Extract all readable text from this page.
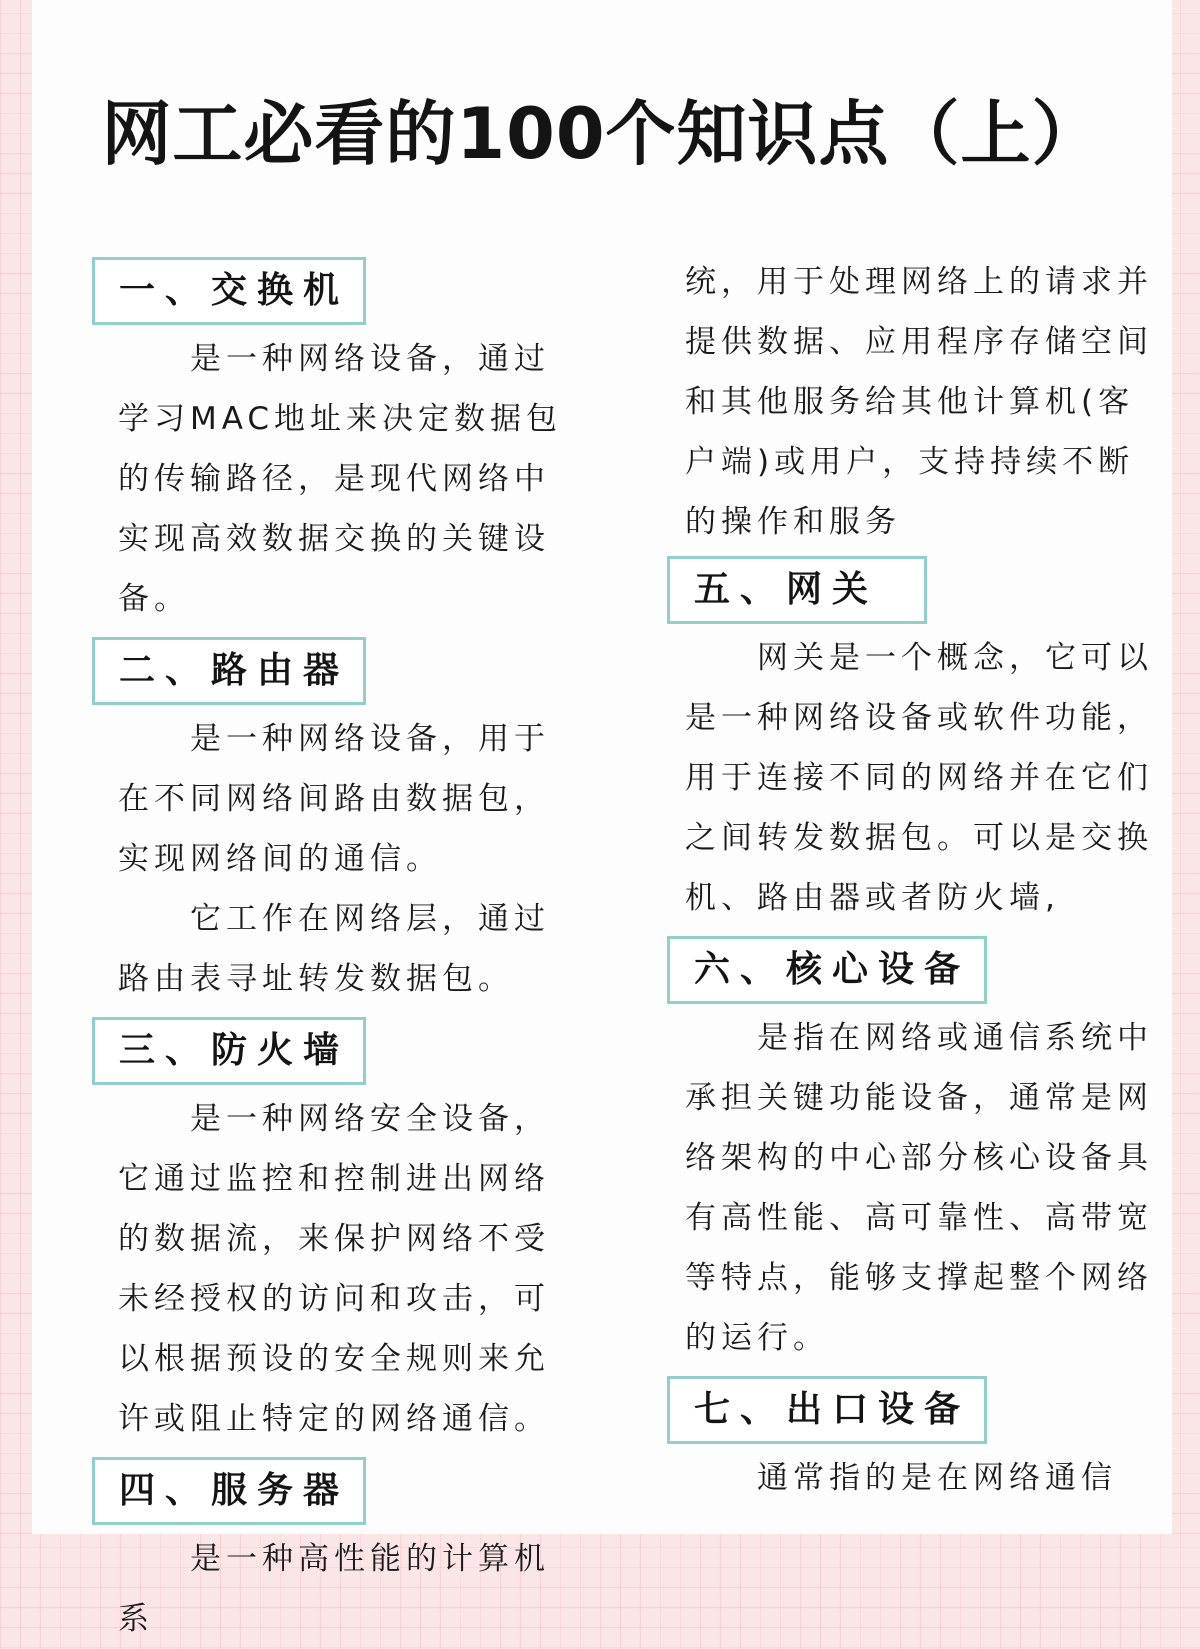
网工必看的100个知识点（上）
一、交换机

是一种网络设备，通过学习MAC地址来决定数据包的传输路径，是现代网络中实现高效数据交换的关键设备。

二、路由器

是一种网络设备，用于在不同网络间路由数据包，实现网络间的通信。

它工作在网络层，通过路由表寻址转发数据包。

三、防火墙

是一种网络安全设备，它通过监控和控制进出网络的数据流，来保护网络不受未经授权的访问和攻击，可以根据预设的安全规则来允许或阻止特定的网络通信。

四、服务器

是一种高性能的计算机系

统，用于处理网络上的请求并提供数据、应用程序存储空间和其他服务给其他计算机(客户端)或用户，支持持续不断的操作和服务

五、网关

网关是一个概念，它可以是一种网络设备或软件功能，用于连接不同的网络并在它们之间转发数据包。可以是交换机、路由器或者防火墙,

六、核心设备

是指在网络或通信系统中承担关键功能设备，通常是网络架构的中心部分核心设备具有高性能、高可靠性、高带宽等特点，能够支撑起整个网络的运行。

七、出口设备

通常指的是在网络通信
